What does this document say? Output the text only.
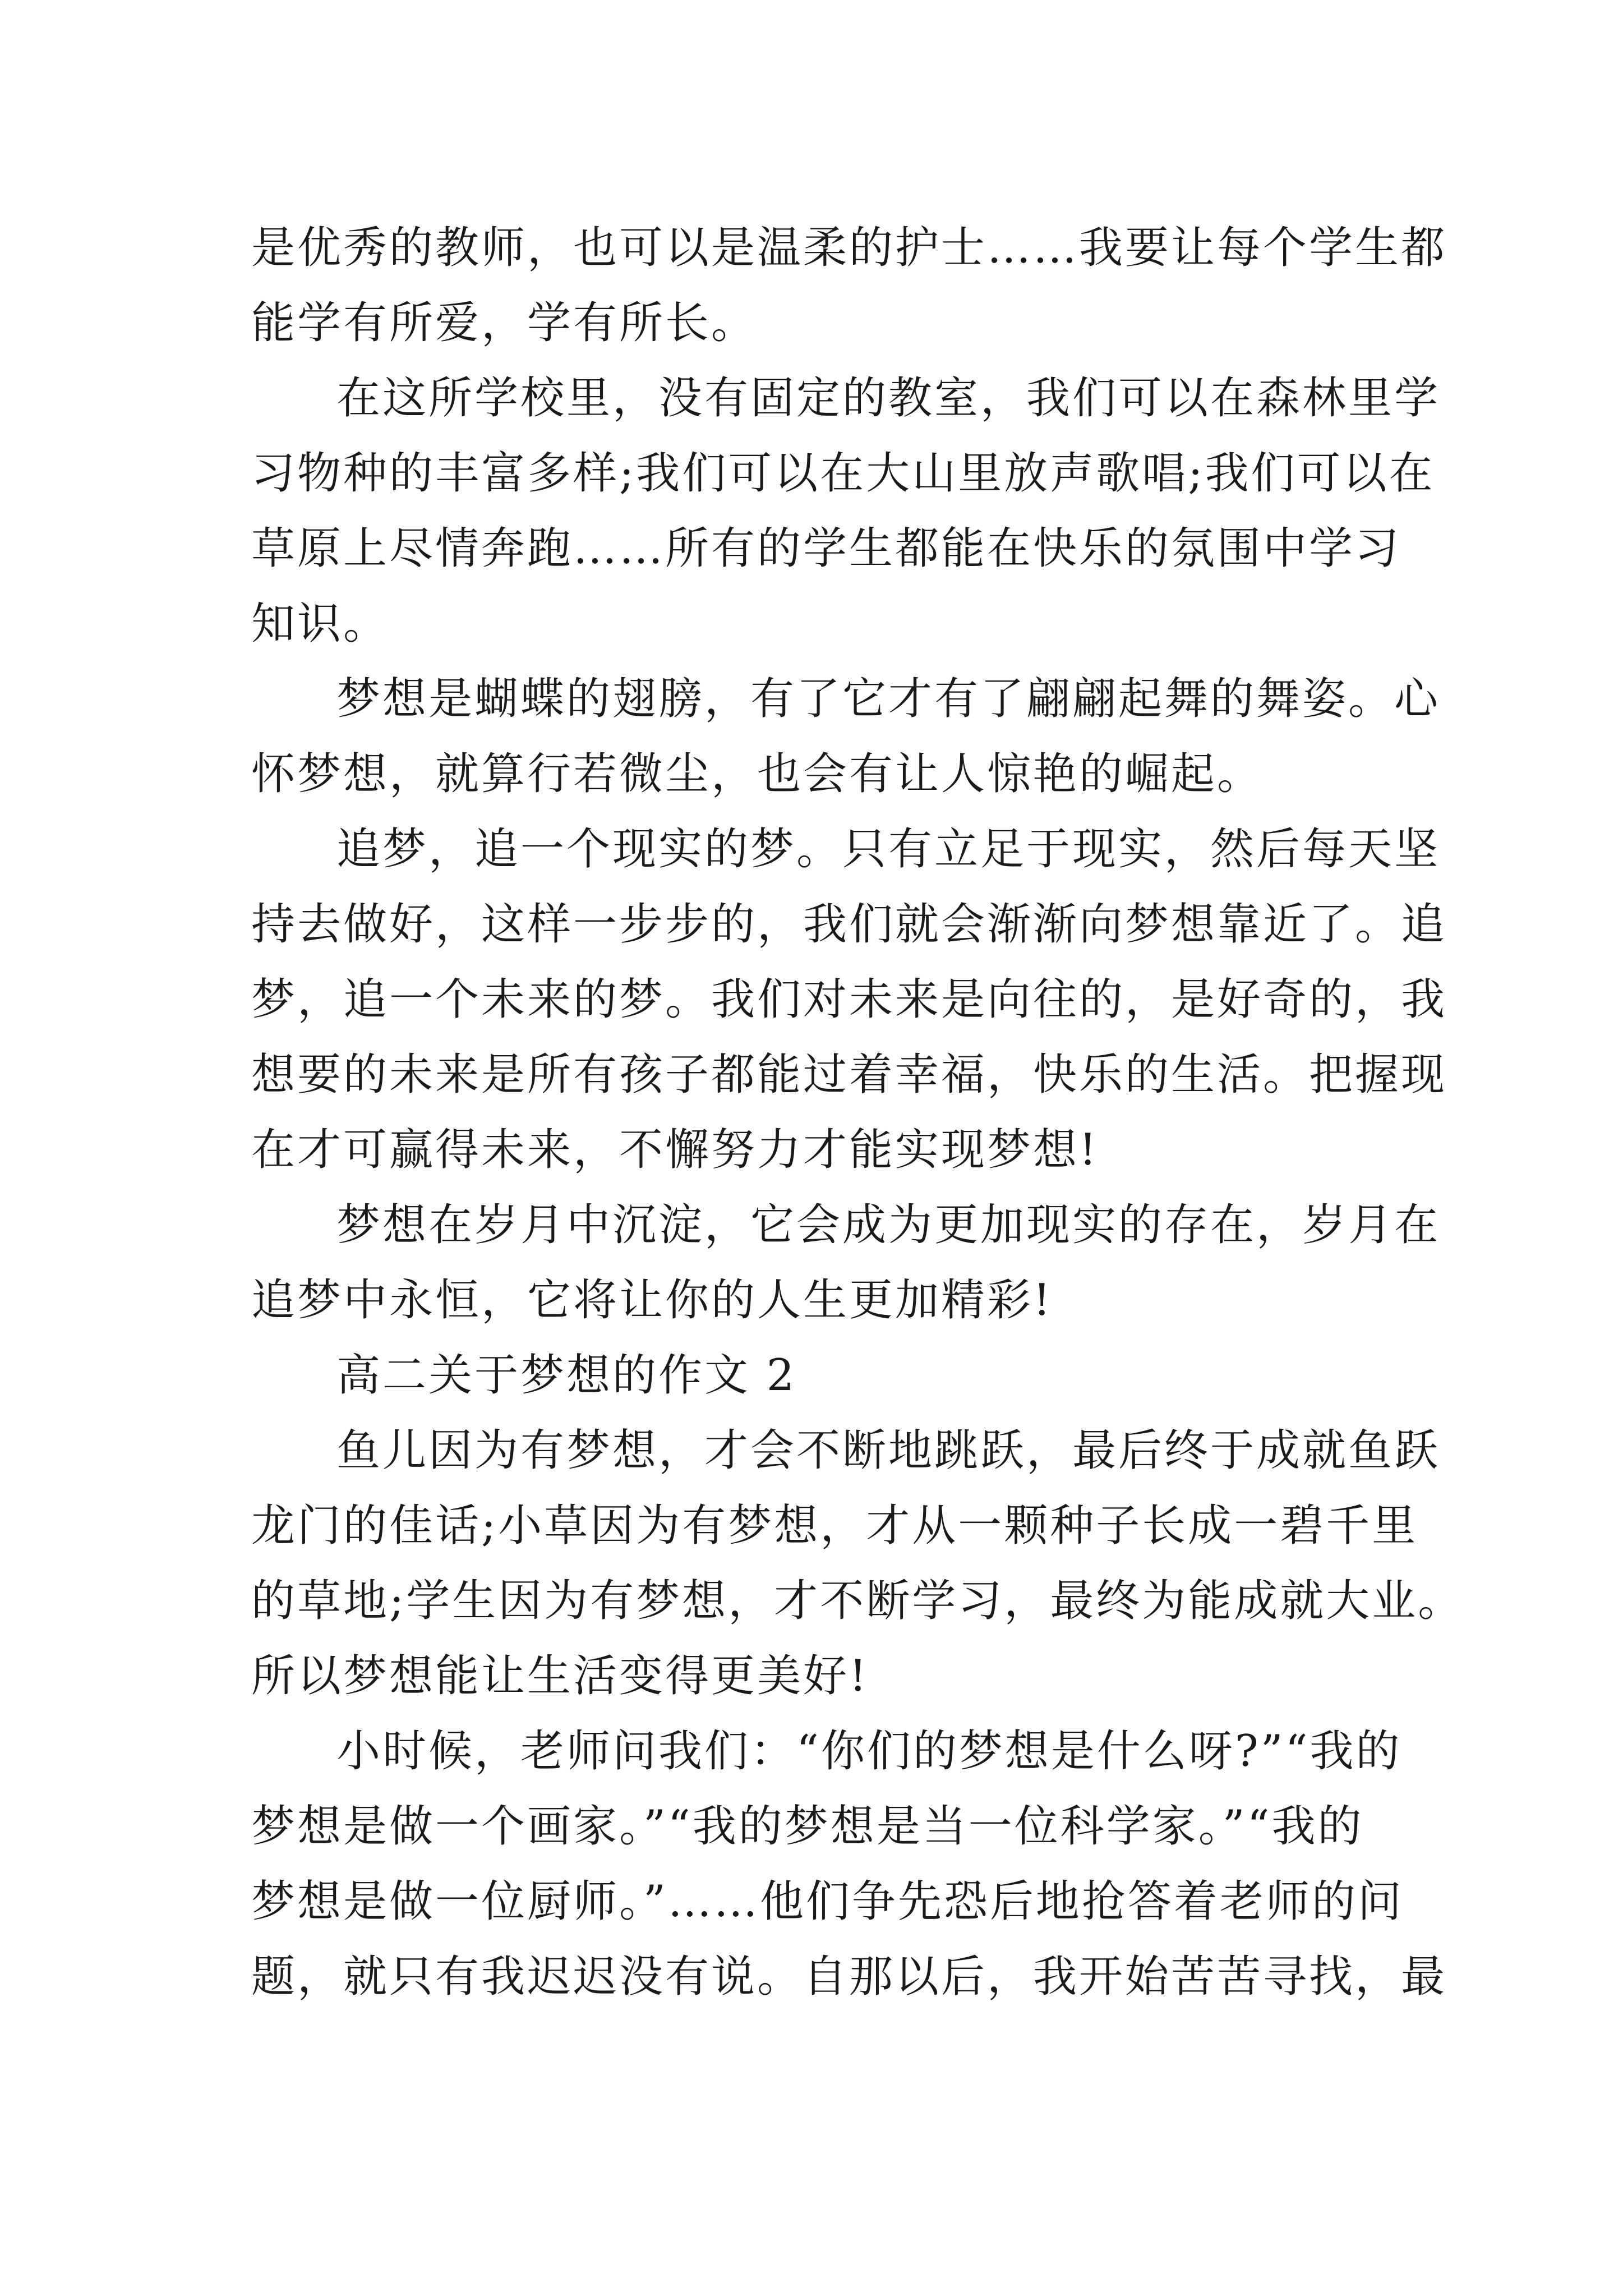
是优秀的教师，也可以是温柔的护士……我要让每个学生都
能学有所爱，学有所长。
在这所学校里，没有固定的教室，我们可以在森林里学
习物种的丰富多样;我们可以在大山里放声歌唱;我们可以在
草原上尽情奔跑……所有的学生都能在快乐的氛围中学习
知识。
梦想是蝴蝶的翅膀，有了它才有了翩翩起舞的舞姿。心
怀梦想，就算行若微尘，也会有让人惊艳的崛起。
追梦，追一个现实的梦。只有立足于现实，然后每天坚
持去做好，这样一步步的，我们就会渐渐向梦想靠近了。追
梦，追一个未来的梦。我们对未来是向往的，是好奇的，我
想要的未来是所有孩子都能过着幸福，快乐的生活。把握现
在才可赢得未来，不懈努力才能实现梦想!
梦想在岁月中沉淀，它会成为更加现实的存在，岁月在
追梦中永恒，它将让你的人生更加精彩!
高二关于梦想的作文 2
鱼儿因为有梦想，才会不断地跳跃，最后终于成就鱼跃
龙门的佳话;小草因为有梦想，才从一颗种子长成一碧千里
的草地;学生因为有梦想，才不断学习，最终为能成就大业。
所以梦想能让生活变得更美好!
小时候，老师问我们：“你们的梦想是什么呀?”“我的
梦想是做一个画家。”“我的梦想是当一位科学家。”“我的
梦想是做一位厨师。”……他们争先恐后地抢答着老师的问
题，就只有我迟迟没有说。自那以后，我开始苦苦寻找，最
